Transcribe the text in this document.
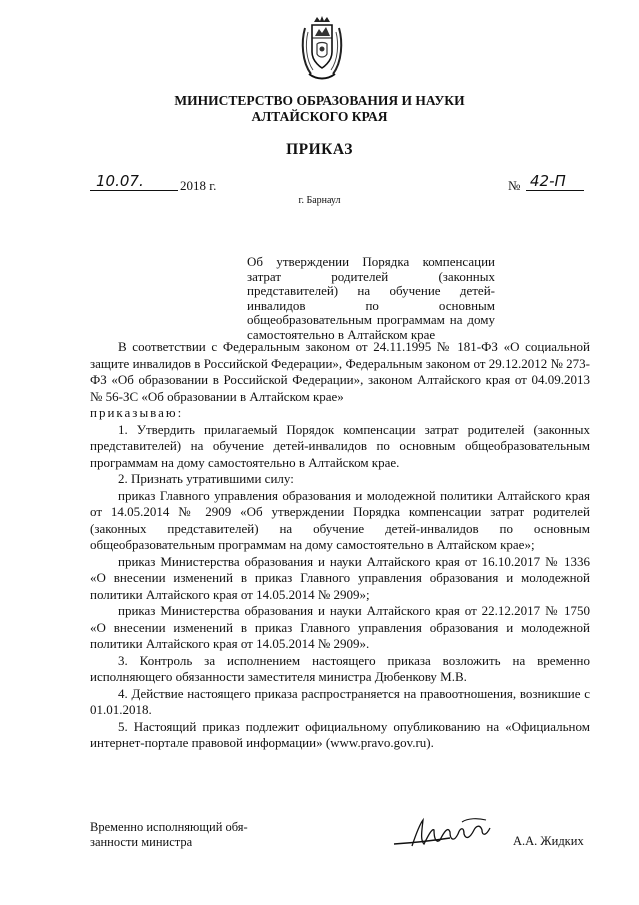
МИНИСТЕРСТВО ОБРАЗОВАНИЯ И НАУКИ
АЛТАЙСКОГО КРАЯ
ПРИКАЗ
10.07.	2018 г.	№ 42-П
г. Барнаул
Об утверждении Порядка компенсации затрат родителей (законных представителей) на обучение детей-инвалидов по основным общеобразовательным программам на дому самостоятельно в Алтайском крае

В соответствии с Федеральным законом от 24.11.1995 № 181-ФЗ «О социальной защите инвалидов в Российской Федерации», Федеральным законом от 29.12.2012 № 273-ФЗ «Об образовании в Российской Федерации», законом Алтайского края от 04.09.2013 № 56-ЗС «Об образовании в Алтайском крае»

приказываю:

1. Утвердить прилагаемый Порядок компенсации затрат родителей (законных представителей) на обучение детей-инвалидов по основным общеобразовательным программам на дому самостоятельно в Алтайском крае.

2. Признать утратившими силу:

приказ Главного управления образования и молодежной политики Алтайского края от 14.05.2014 № 2909 «Об утверждении Порядка компенсации затрат родителей (законных представителей) на обучение детей-инвалидов по основным общеобразовательным программам на дому самостоятельно в Алтайском крае»;

приказ Министерства образования и науки Алтайского края от 16.10.2017 № 1336 «О внесении изменений в приказ Главного управления образования и молодежной политики Алтайского края от 14.05.2014 № 2909»;

приказ Министерства образования и науки Алтайского края от 22.12.2017 № 1750 «О внесении изменений в приказ Главного управления образования и молодежной политики Алтайского края от 14.05.2014 № 2909».

3. Контроль за исполнением настоящего приказа возложить на временно исполняющего обязанности заместителя министра Дюбенкову М.В.

4. Действие настоящего приказа распространяется на правоотношения, возникшие с 01.01.2018.

5. Настоящий приказ подлежит официальному опубликованию на «Официальном интернет-портале правовой информации» (www.pravo.gov.ru).

Временно исполняющий обя-
занности министра	А.А. Жидких
